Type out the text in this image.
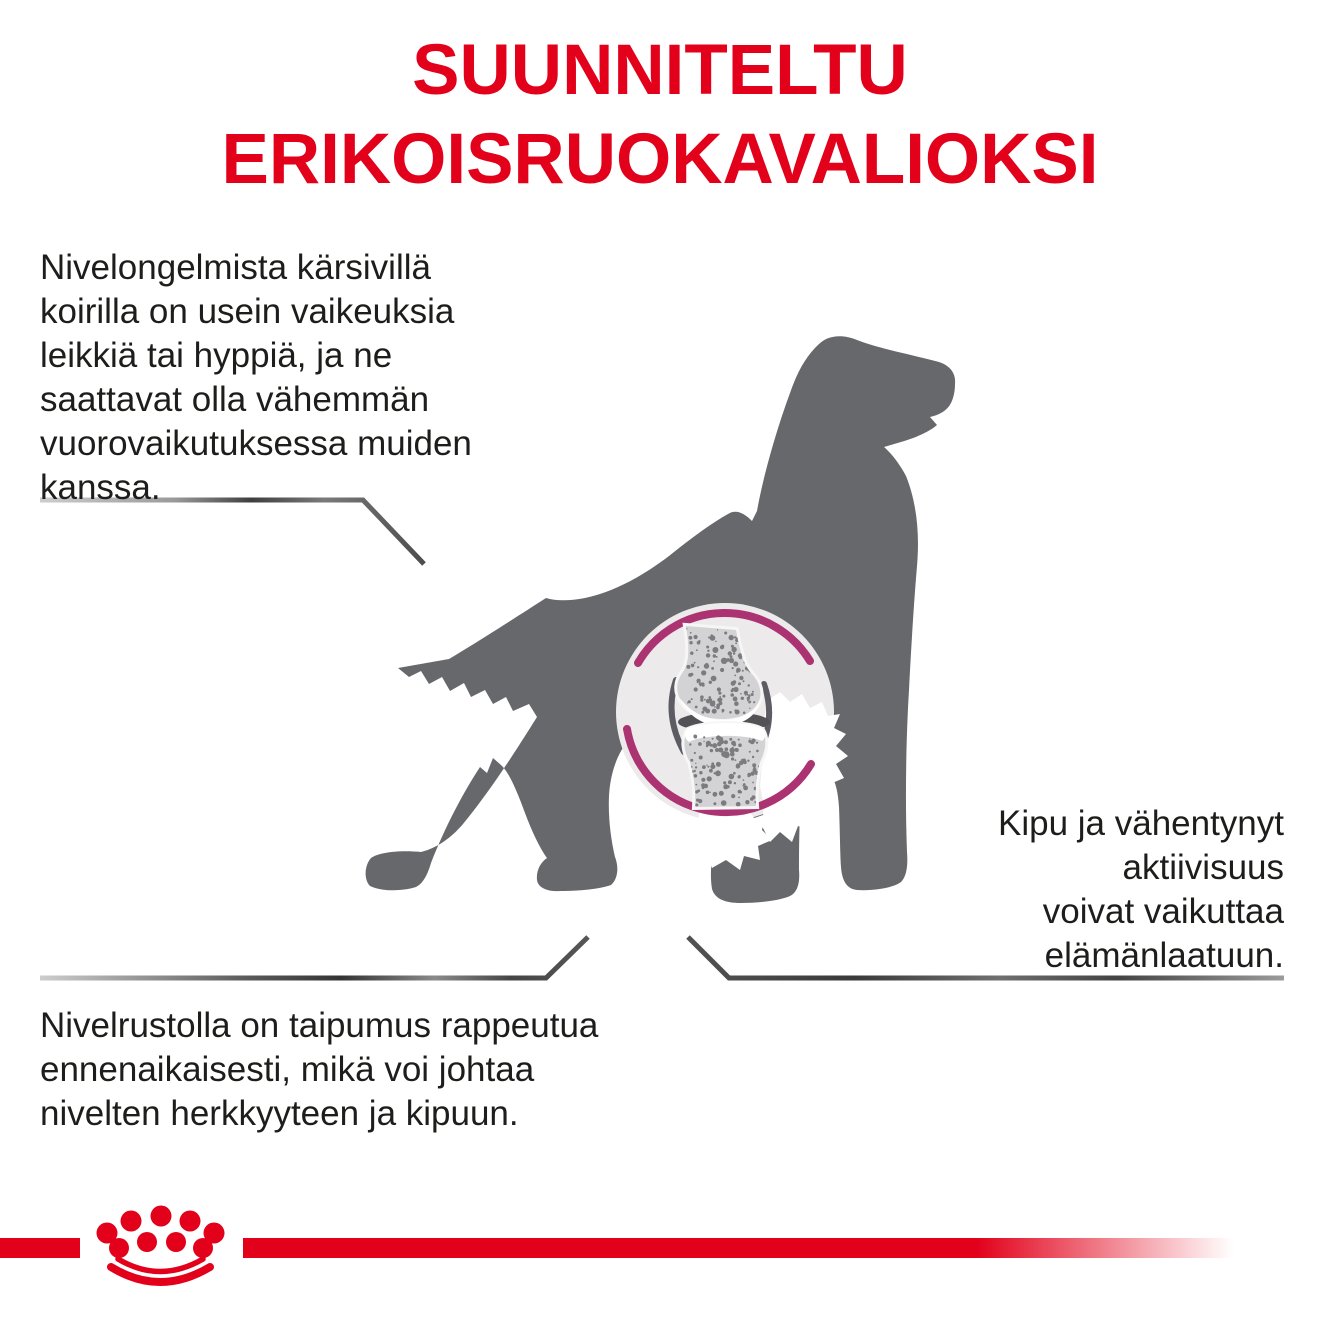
SUUNNITELTU
ERIKOISRUOKAVALIOKSI
Nivelongelmista kärsivillä
koirilla on usein vaikeuksia
leikkiä tai hyppiä, ja ne
saattavat olla vähemmän
vuorovaikutuksessa muiden
kanssa.
Kipu ja vähentynyt
aktiivisuus
voivat vaikuttaa
elämänlaatuun.
Nivelrustolla on taipumus rappeutua
ennenaikaisesti, mikä voi johtaa
nivelten herkkyyteen ja kipuun.
